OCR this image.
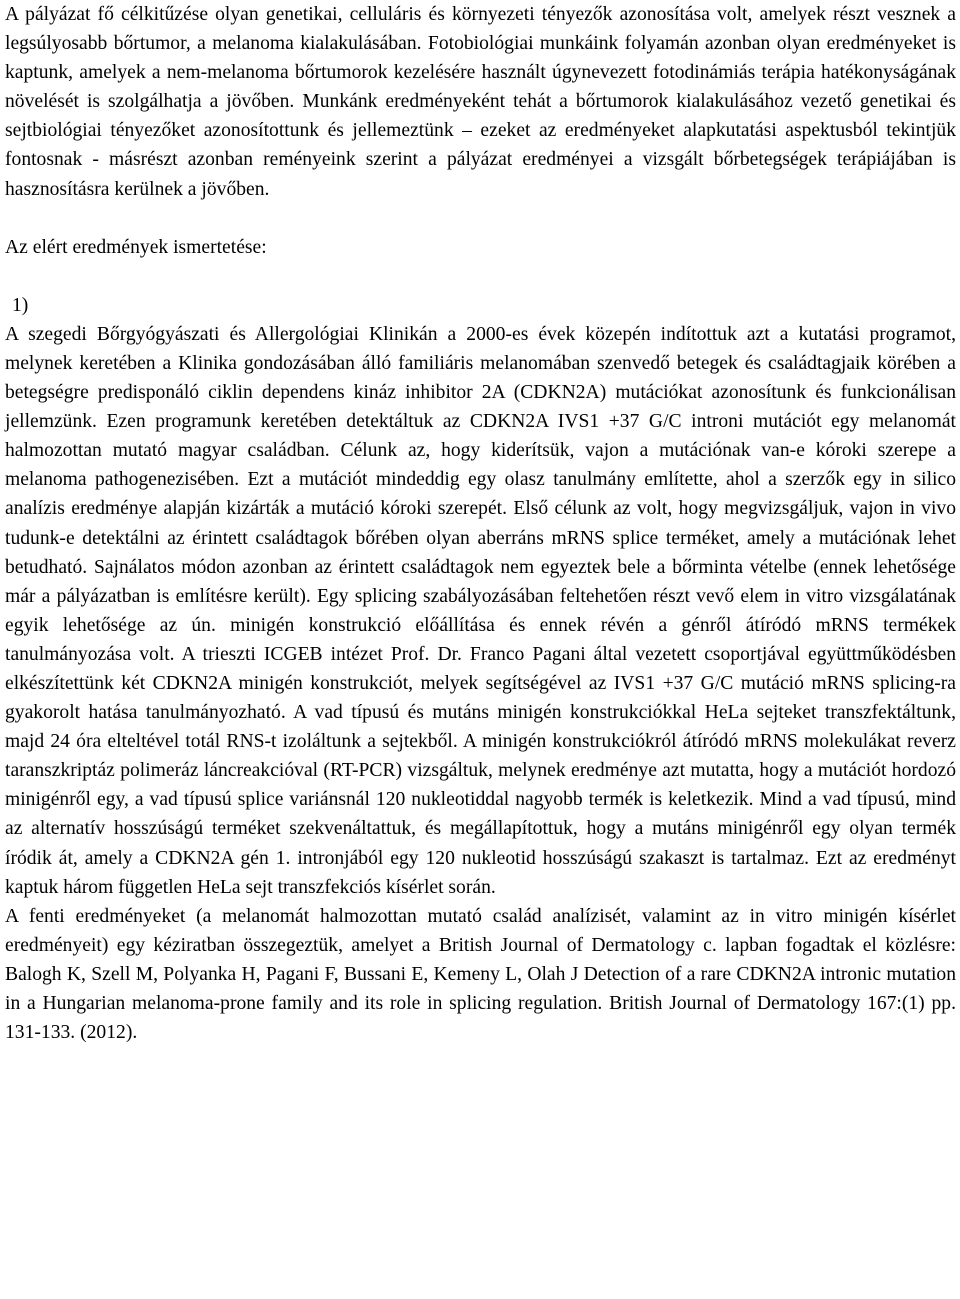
A pályázat fő célkitűzése olyan genetikai, celluláris és környezeti tényezők azonosítása volt, amelyek részt vesznek a legsúlyosabb bőrtumor, a melanoma kialakulásában. Fotobiológiai munkáink folyamán azonban olyan eredményeket is kaptunk, amelyek a nem-melanoma bőrtumorok kezelésére használt úgynevezett fotodinámiás terápia hatékonyságának növelését is szolgálhatja a jövőben. Munkánk eredményeként tehát a bőrtumorok kialakulásához vezető genetikai és sejtbiológiai tényezőket azonosítottunk és jellemeztünk – ezeket az eredményeket alapkutatási aspektusból tekintjük fontosnak - másrészt azonban reményeink szerint a pályázat eredményei a vizsgált bőrbetegségek terápiájában is hasznosításra kerülnek a jövőben.

Az elért eredmények ismertetése:

1)

A szegedi Bőrgyógyászati és Allergológiai Klinikán a 2000-es évek közepén indítottuk azt a kutatási programot, melynek keretében a Klinika gondozásában álló familiáris melanomában szenvedő betegek és családtagjaik körében a betegségre predisponáló ciklin dependens kináz inhibitor 2A (CDKN2A) mutációkat azonosítunk és funkcionálisan jellemzünk. Ezen programunk keretében detektáltuk az CDKN2A IVS1 +37 G/C introni mutációt egy melanomát halmozottan mutató magyar családban. Célunk az, hogy kiderítsük, vajon a mutációnak van-e kóroki szerepe a melanoma pathogenezisében. Ezt a mutációt mindeddig egy olasz tanulmány említette, ahol a szerzők egy in silico analízis eredménye alapján kizárták a mutáció kóroki szerepét. Első célunk az volt, hogy megvizsgáljuk, vajon in vivo tudunk-e detektálni az érintett családtagok bőrében olyan aberráns mRNS splice terméket, amely a mutációnak lehet betudható. Sajnálatos módon azonban az érintett családtagok nem egyeztek bele a bőrminta vételbe (ennek lehetősége már a pályázatban is említésre került). Egy splicing szabályozásában feltehetően részt vevő elem in vitro vizsgálatának egyik lehetősége az ún. minigén konstrukció előállítása és ennek révén a génről átíródó mRNS termékek tanulmányozása volt. A trieszti ICGEB intézet Prof. Dr. Franco Pagani által vezetett csoportjával együttműködésben elkészítettünk két CDKN2A minigén konstrukciót, melyek segítségével az IVS1 +37 G/C mutáció mRNS splicing-ra gyakorolt hatása tanulmányozható. A vad típusú és mutáns minigén konstrukciókkal HeLa sejteket transzfektáltunk, majd 24 óra elteltével totál RNS-t izoláltunk a sejtekből. A minigén konstrukciókról átíródó mRNS molekulákat reverz taranszkriptáz polimeráz láncreakcióval (RT-PCR) vizsgáltuk, melynek eredménye azt mutatta, hogy a mutációt hordozó minigénről egy, a vad típusú splice variánsnál 120 nukleotiddal nagyobb termék is keletkezik. Mind a vad típusú, mind az alternatív hosszúságú terméket szekvenáltattuk, és megállapítottuk, hogy a mutáns minigénről egy olyan termék íródik át, amely a CDKN2A gén 1. intronjából egy 120 nukleotid hosszúságú szakaszt is tartalmaz. Ezt az eredményt kaptuk három független HeLa sejt transzfekciós kísérlet során.

A fenti eredményeket (a melanomát halmozottan mutató család analízisét, valamint az in vitro minigén kísérlet eredményeit) egy kéziratban összegeztük, amelyet a British Journal of Dermatology c. lapban fogadtak el közlésre: Balogh K, Szell M, Polyanka H, Pagani F, Bussani E, Kemeny L, Olah J Detection of a rare CDKN2A intronic mutation in a Hungarian melanoma-prone family and its role in splicing regulation. British Journal of Dermatology 167:(1) pp. 131-133. (2012).
